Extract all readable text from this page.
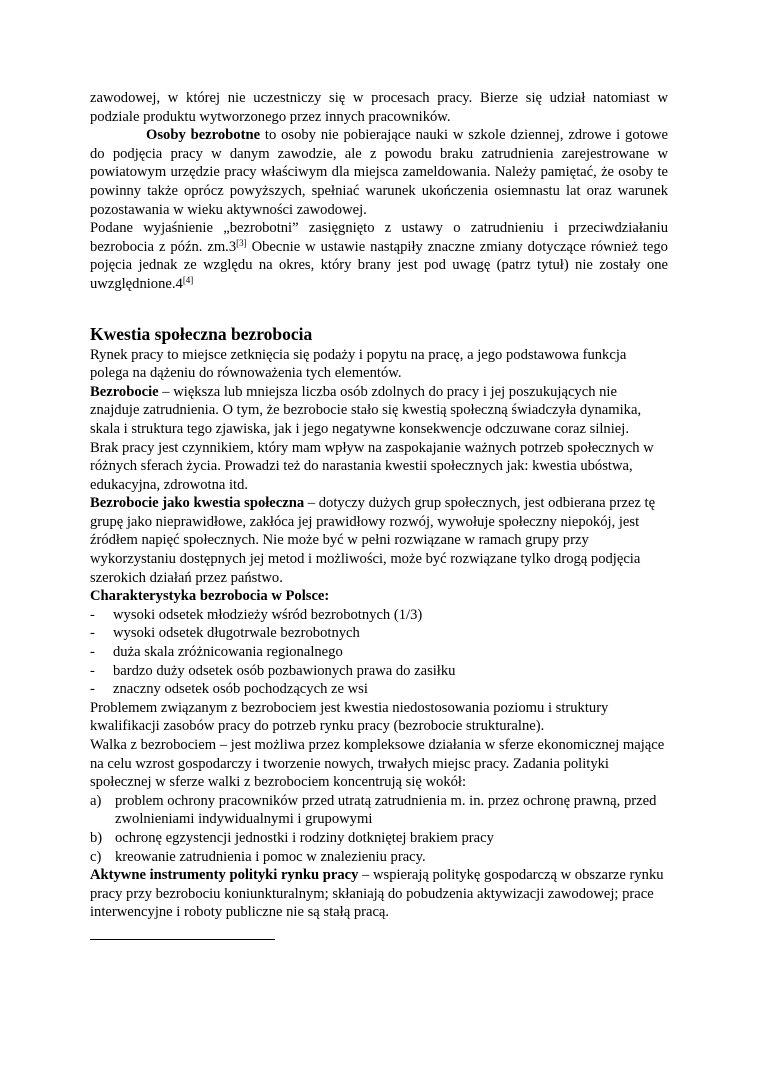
zawodowej, w której nie uczestniczy się w procesach pracy. Bierze się udział natomiast w podziale produktu wytworzonego przez innych pracowników.

Osoby bezrobotne to osoby nie pobierające nauki w szkole dziennej, zdrowe i gotowe do podjęcia pracy w danym zawodzie, ale z powodu braku zatrudnienia zarejestrowane w powiatowym urzędzie pracy właściwym dla miejsca zameldowania. Należy pamiętać, że osoby te powinny także oprócz powyższych, spełniać warunek ukończenia osiemnastu lat oraz warunek pozostawania w wieku aktywności zawodowej.

Podane wyjaśnienie „bezrobotni” zasięgnięto z ustawy o zatrudnieniu i przeciwdziałaniu bezrobocia z późn. zm.3[3] Obecnie w ustawie nastąpiły znaczne zmiany dotyczące również tego pojęcia jednak ze względu na okres, który brany jest pod uwagę (patrz tytuł) nie zostały one uwzględnione.4[4]

Kwestia społeczna bezrobocia

Rynek pracy to miejsce zetknięcia się podaży i popytu na pracę, a jego podstawowa funkcja polega na dążeniu do równoważenia tych elementów.

Bezrobocie – większa lub mniejsza liczba osób zdolnych do pracy i jej poszukujących nie znajduje zatrudnienia. O tym, że bezrobocie stało się kwestią społeczną świadczyła dynamika, skala i struktura tego zjawiska, jak i jego negatywne konsekwencje odczuwane coraz silniej.

Brak pracy jest czynnikiem, który mam wpływ na zaspokajanie ważnych potrzeb społecznych w różnych sferach życia. Prowadzi też do narastania kwestii społecznych jak: kwestia ubóstwa, edukacyjna, zdrowotna itd.

Bezrobocie jako kwestia społeczna – dotyczy dużych grup społecznych, jest odbierana przez tę grupę jako nieprawidłowe, zakłóca jej prawidłowy rozwój, wywołuje społeczny niepokój, jest źródłem napięć społecznych. Nie może być w pełni rozwiązane w ramach grupy przy wykorzystaniu dostępnych jej metod i możliwości, może być rozwiązane tylko drogą podjęcia szerokich działań przez państwo.

Charakterystyka bezrobocia w Polsce:

-	wysoki odsetek młodzieży wśród bezrobotnych (1/3)
-	wysoki odsetek długotrwale bezrobotnych
-	duża skala zróżnicowania regionalnego
-	bardzo duży odsetek osób pozbawionych prawa do zasiłku
-	znaczny odsetek osób pochodzących ze wsi

Problemem związanym z bezrobociem jest kwestia niedostosowania poziomu i struktury kwalifikacji zasobów pracy do potrzeb rynku pracy (bezrobocie strukturalne).

Walka z bezrobociem – jest możliwa przez kompleksowe działania w sferze ekonomicznej mające na celu wzrost gospodarczy i tworzenie nowych, trwałych miejsc pracy. Zadania polityki społecznej w sferze walki z bezrobociem koncentrują się wokół:

a) problem ochrony pracowników przed utratą zatrudnienia m. in. przez ochronę prawną, przed zwolnieniami indywidualnymi i grupowymi
b) ochronę egzystencji jednostki i rodziny dotkniętej brakiem pracy
c) kreowanie zatrudnienia i pomoc w znalezieniu pracy.

Aktywne instrumenty polityki rynku pracy – wspierają politykę gospodarczą w obszarze rynku pracy przy bezrobociu koniunkturalnym; skłaniają do pobudzenia aktywizacji zawodowej; prace interwencyjne i roboty publiczne nie są stałą pracą.
